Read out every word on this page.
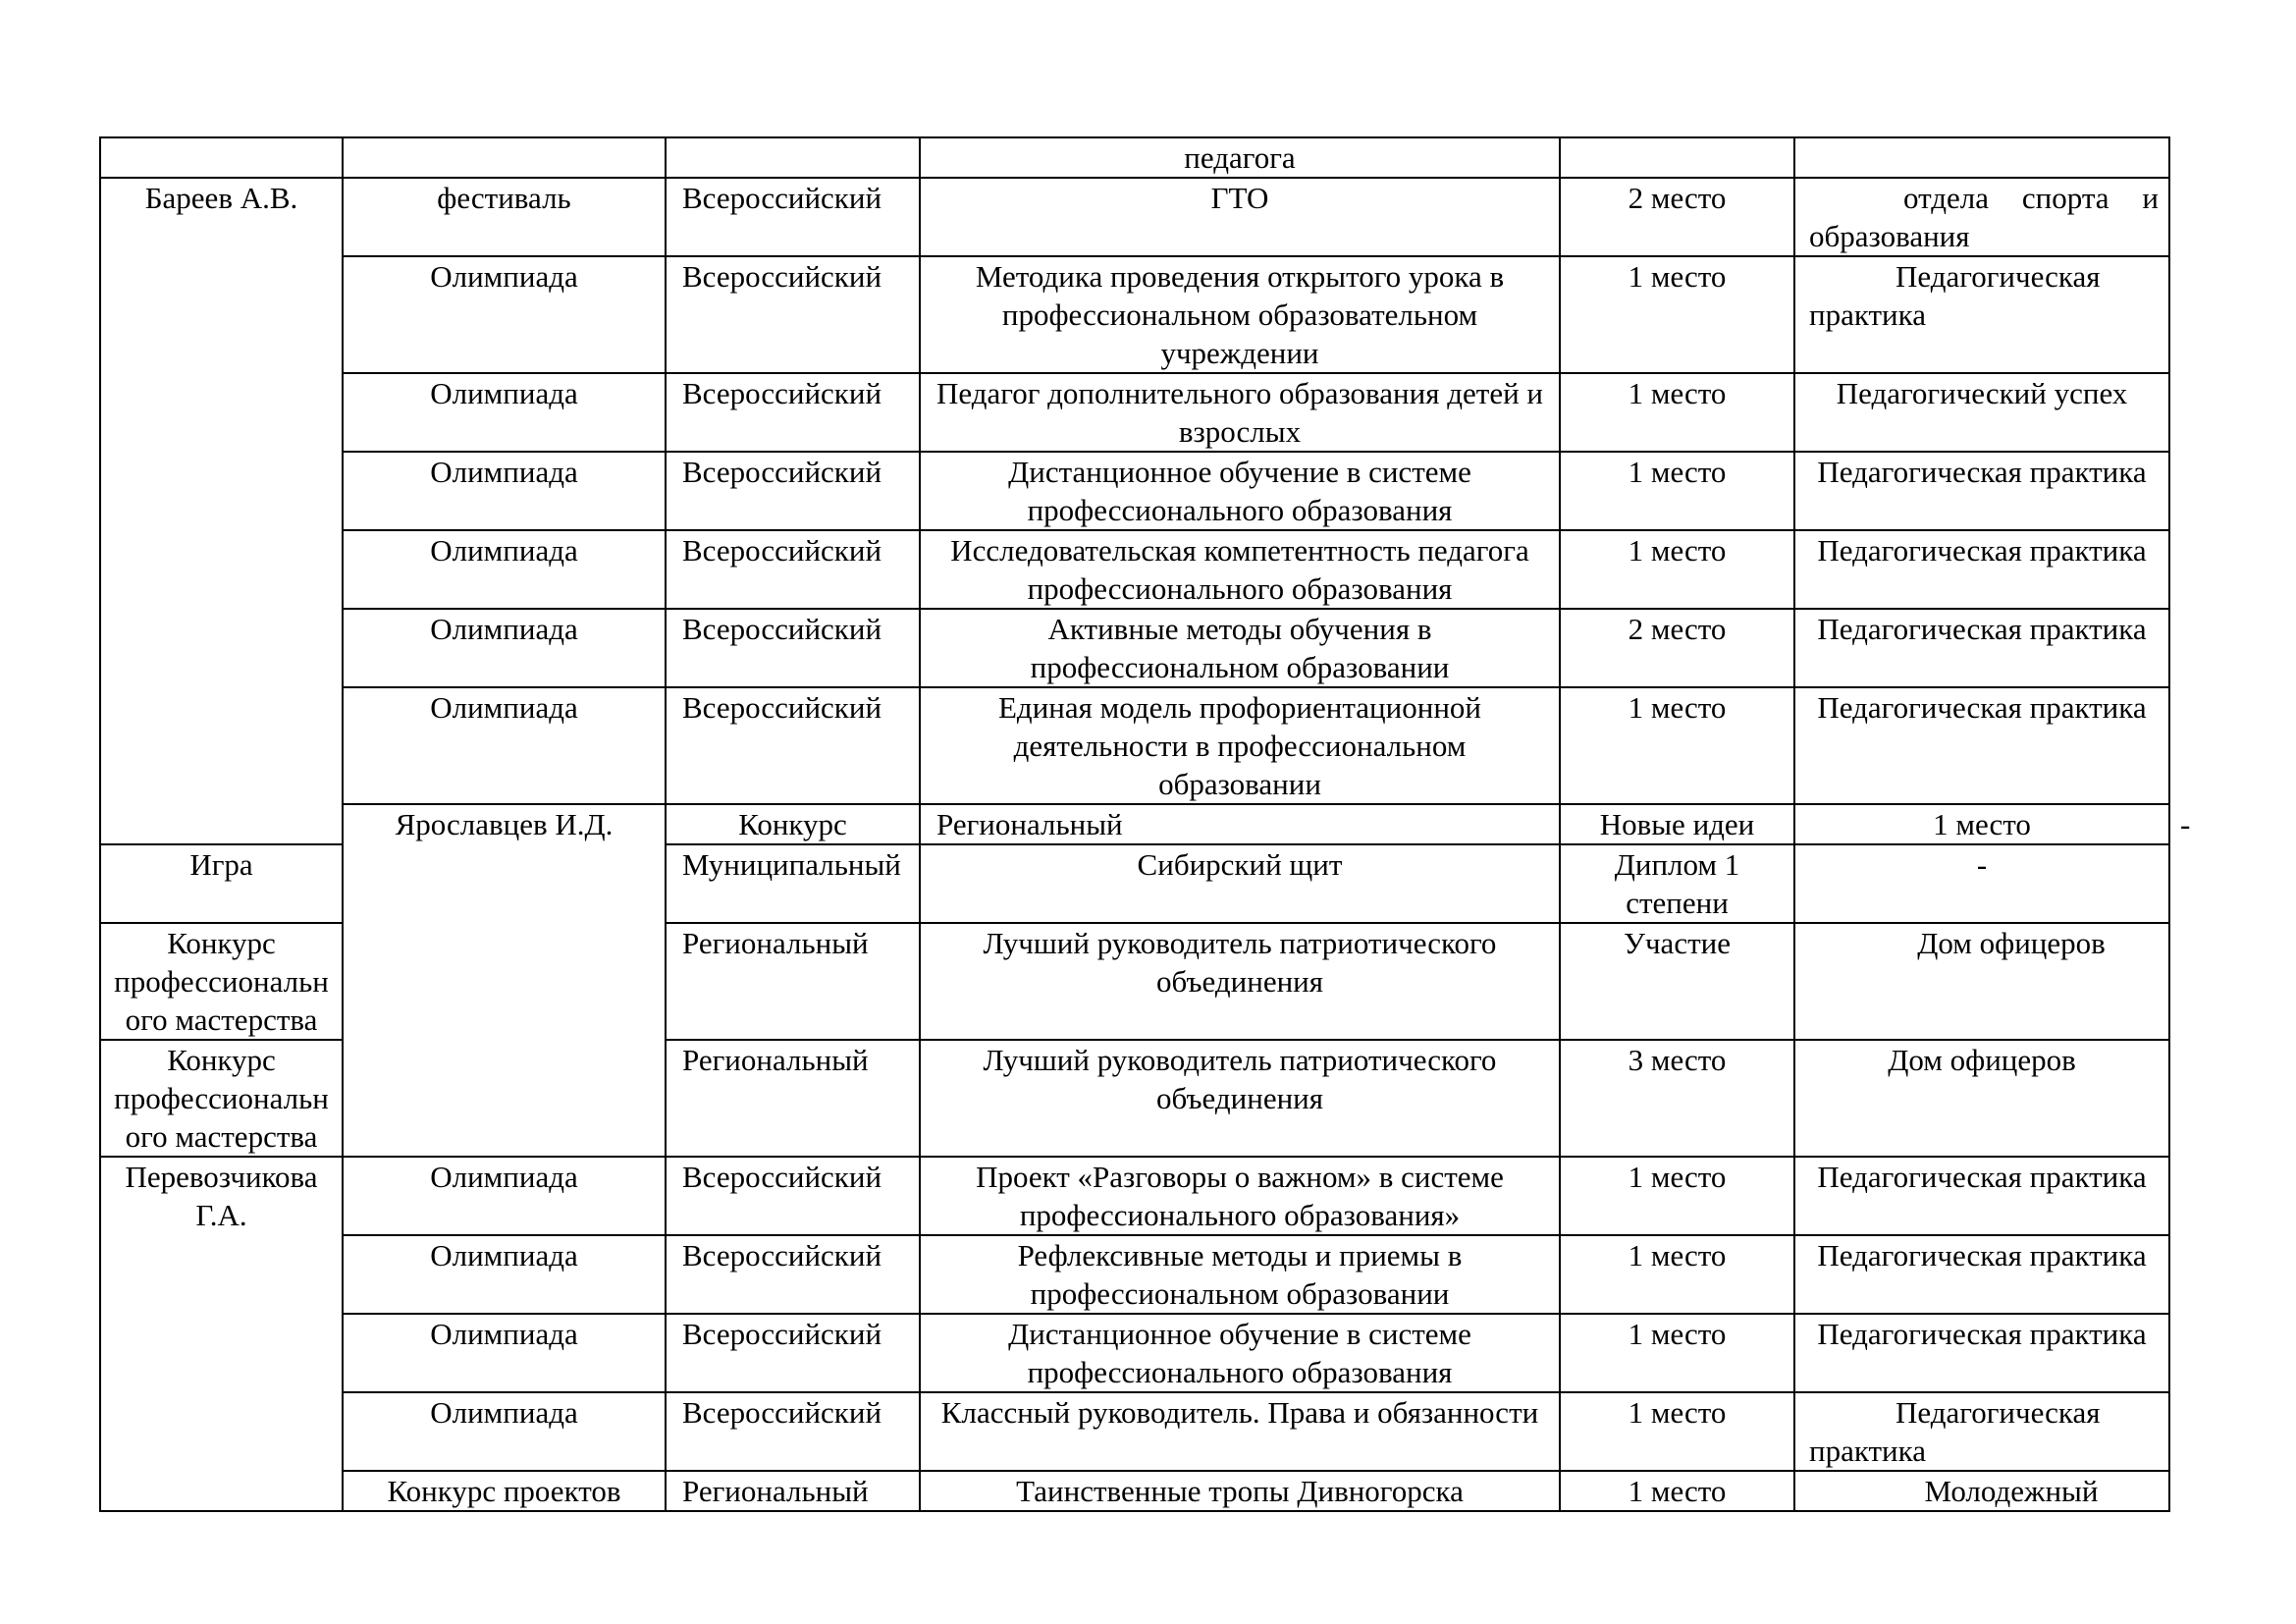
			педагога			
Бареев А.В.	фестиваль	Всероссийский	ГТО	2 место	отдела спорта и
образования	

	Олимпиада	Всероссийский	Методика проведения открытого урока в профессиональном образовательном учреждении	1 место	Педагогическая
практика	

	Олимпиада	Всероссийский	Педагог дополнительного образования детей и взрослых	1 место	Педагогический успех	
	Олимпиада	Всероссийский	Дистанционное обучение в системе профессионального образования	1 место	Педагогическая практика	
	Олимпиада	Всероссийский	Исследовательская компетентность педагога профессионального образования	1 место	Педагогическая практика	
	Олимпиада	Всероссийский	Активные методы обучения в профессиональном образовании	2 место	Педагогическая практика	
	Олимпиада	Всероссийский	Единая модель профориентационной деятельности в профессиональном образовании	1 место	Педагогическая практика	
	Ярославцев И.Д.	Конкурс	Региональный	Новые идеи	1 место	-
Игра		Муниципальный	Сибирский щит	Диплом 1 степени	-	
Конкурс профессионального мастерства		Региональный	Лучший руководитель патриотического объединения	Участие	Дом офицеров	
Конкурс профессионального мастерства		Региональный	Лучший руководитель патриотического объединения	3 место	Дом офицеров	
Перевозчикова Г.А.	Олимпиада	Всероссийский	Проект «Разговоры о важном» в системе профессионального образования»	1 место	Педагогическая практика	
	Олимпиада	Всероссийский	Рефлексивные методы и приемы в профессиональном образовании	1 место	Педагогическая практика	
	Олимпиада	Всероссийский	Дистанционное обучение в системе профессионального образования	1 место	Педагогическая практика	
	Олимпиада	Всероссийский	Классный руководитель. Права и обязанности	1 место	Педагогическая
практика	

	Конкурс проектов	Региональный	Таинственные тропы Дивногорска	1 место	Молодежный	
